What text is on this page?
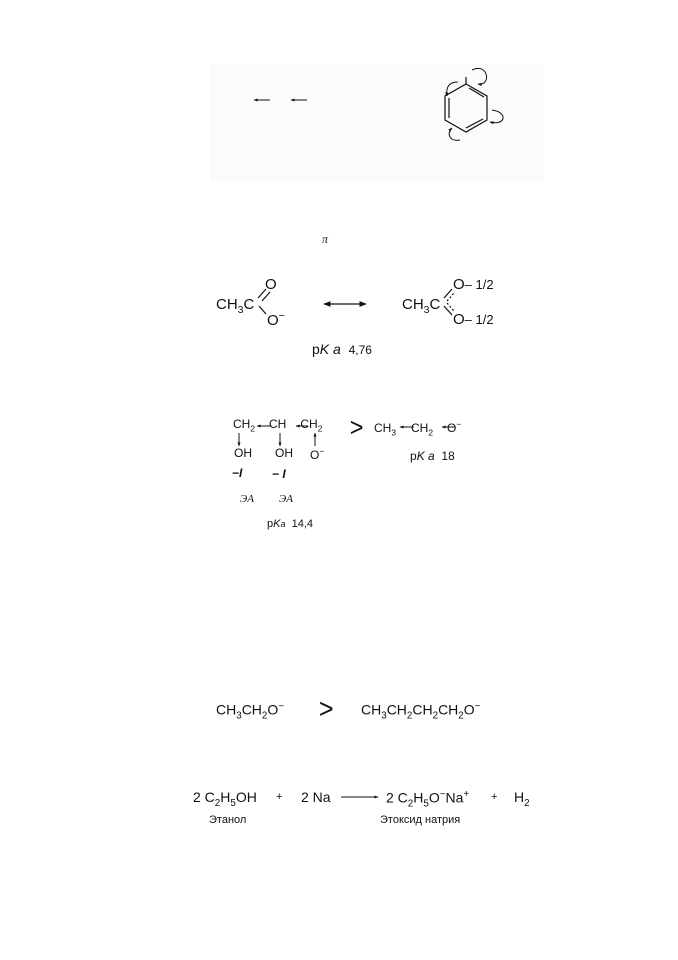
π
$CH_3C$
O
O−
$CH_3C$
O– 1/2
O– 1/2
pK a 4,76
$CH_2$ CH $CH_2$
OH OH O−
−I − I
ЭА ЭА
pKa 14,4
> $CH_3$ $CH_2$ O−
pK a 18
$CH_3CH_2O^- > CH_3CH_2CH_2CH_2O^-$
2 $C_2H_5OH + 2$ Na	2 $C_2H_5O^-Na^+ + H_2$
Этанол	Этоксид натрия
